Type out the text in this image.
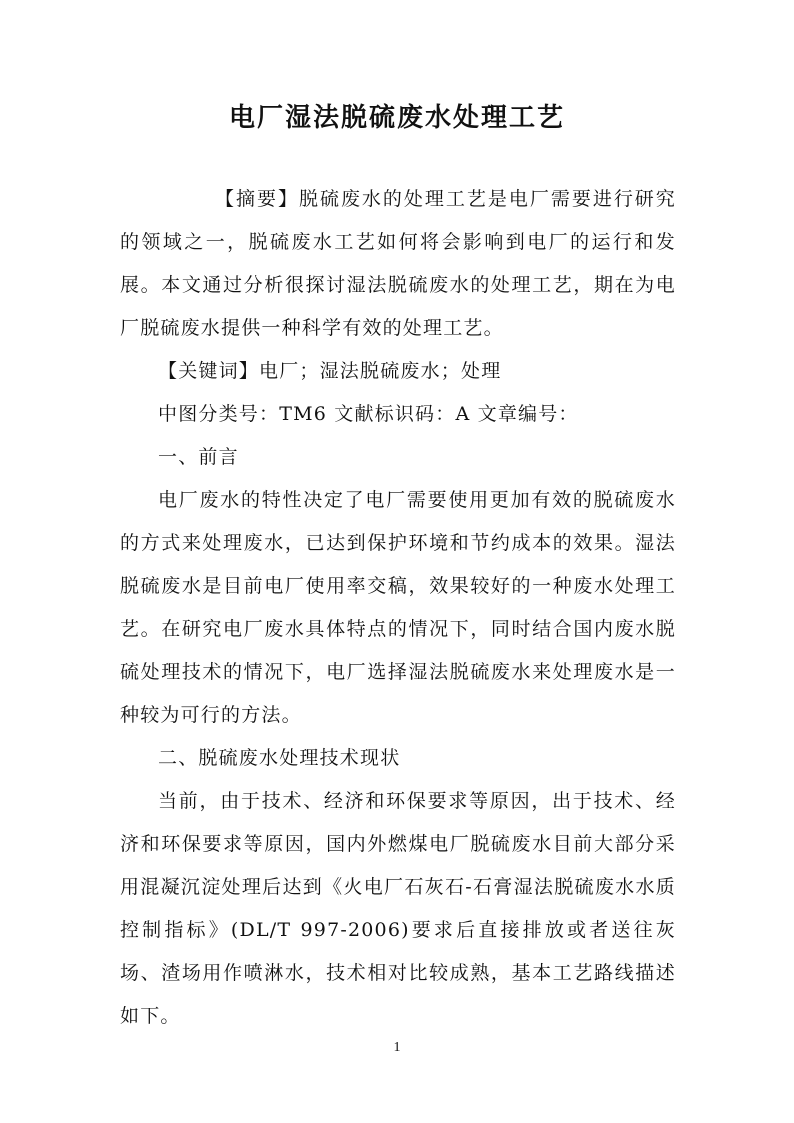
电厂湿法脱硫废水处理工艺

【摘要】脱硫废水的处理工艺是电厂需要进行研究的领域之一，脱硫废水工艺如何将会影响到电厂的运行和发展。本文通过分析很探讨湿法脱硫废水的处理工艺，期在为电厂脱硫废水提供一种科学有效的处理工艺。

【关键词】电厂；湿法脱硫废水；处理

中图分类号：TM6 文献标识码：A 文章编号：

一、前言

电厂废水的特性决定了电厂需要使用更加有效的脱硫废水的方式来处理废水，已达到保护环境和节约成本的效果。湿法脱硫废水是目前电厂使用率交稿，效果较好的一种废水处理工艺。在研究电厂废水具体特点的情况下，同时结合国内废水脱硫处理技术的情况下，电厂选择湿法脱硫废水来处理废水是一种较为可行的方法。

二、脱硫废水处理技术现状

当前，由于技术、经济和环保要求等原因，出于技术、经济和环保要求等原因，国内外燃煤电厂脱硫废水目前大部分采用混凝沉淀处理后达到《火电厂石灰石-石膏湿法脱硫废水水质控制指标》(DL/T 997-2006)要求后直接排放或者送往灰场、渣场用作喷淋水，技术相对比较成熟，基本工艺路线描述如下。

1
